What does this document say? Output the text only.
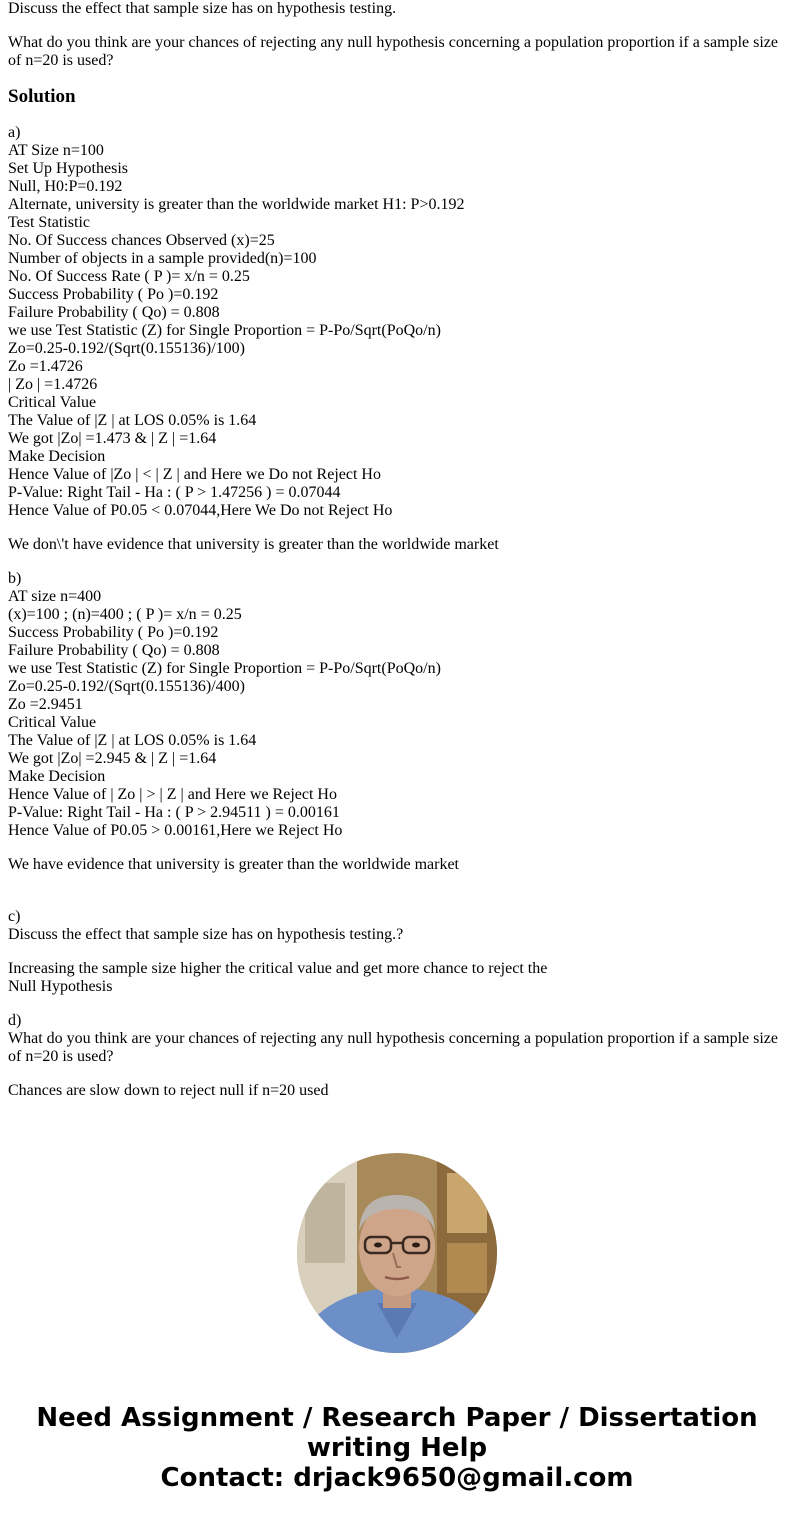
Discuss the effect that sample size has on hypothesis testing.

What do you think are your chances of rejecting any null hypothesis concerning a population proportion if a sample size of n=20 is used?

Solution
a)
AT Size n=100
Set Up Hypothesis
Null, H0:P=0.192
Alternate, university is greater than the worldwide market H1: P>0.192
Test Statistic
No. Of Success chances Observed (x)=25
Number of objects in a sample provided(n)=100
No. Of Success Rate ( P )= x/n = 0.25
Success Probability ( Po )=0.192
Failure Probability ( Qo) = 0.808
we use Test Statistic (Z) for Single Proportion = P-Po/Sqrt(PoQo/n)
Zo=0.25-0.192/(Sqrt(0.155136)/100)
Zo =1.4726
| Zo | =1.4726
Critical Value
The Value of |Z | at LOS 0.05% is 1.64
We got |Zo| =1.473 & | Z | =1.64
Make Decision
Hence Value of |Zo | < | Z | and Here we Do not Reject Ho
P-Value: Right Tail - Ha : ( P > 1.47256 ) = 0.07044
Hence Value of P0.05 < 0.07044,Here We Do not Reject Ho

We don\'t have evidence that university is greater than the worldwide market

b)
AT size n=400
(x)=100 ; (n)=400 ; ( P )= x/n = 0.25
Success Probability ( Po )=0.192
Failure Probability ( Qo) = 0.808
we use Test Statistic (Z) for Single Proportion = P-Po/Sqrt(PoQo/n)
Zo=0.25-0.192/(Sqrt(0.155136)/400)
Zo =2.9451
Critical Value
The Value of |Z | at LOS 0.05% is 1.64
We got |Zo| =2.945 & | Z | =1.64
Make Decision
Hence Value of | Zo | > | Z | and Here we Reject Ho
P-Value: Right Tail - Ha : ( P > 2.94511 ) = 0.00161
Hence Value of P0.05 > 0.00161,Here we Reject Ho

We have evidence that university is greater than the worldwide market

c)
Discuss the effect that sample size has on hypothesis testing.?
Increasing the sample size higher the critical value and get more chance to reject the
Null Hypothesis
d)
What do you think are your chances of rejecting any null hypothesis concerning a population proportion if a sample size of n=20 is used?

Chances are slow down to reject null if n=20 used

Need Assignment / Research Paper / Dissertation
writing Help
Contact: drjack9650@gmail.com
